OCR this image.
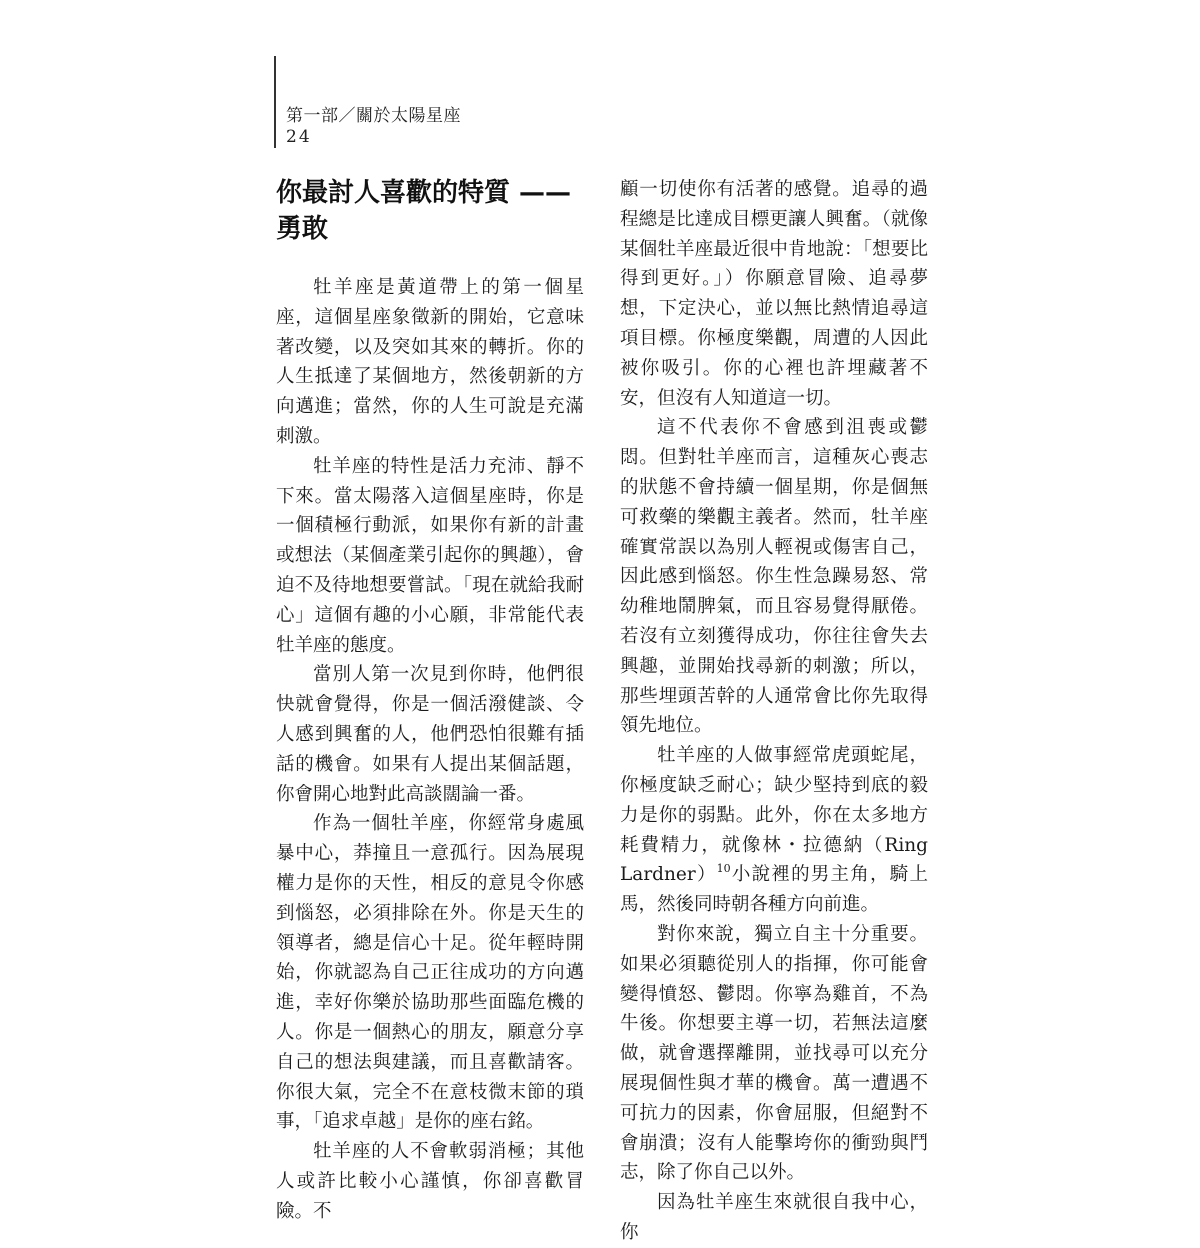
第一部／關於太陽星座
24
你最討人喜歡的特質 ——
勇敢

牡羊座是黃道帶上的第一個星座，這個星座象徵新的開始，它意味著改變，以及突如其來的轉折。你的人生抵達了某個地方，然後朝新的方向邁進；當然，你的人生可說是充滿刺激。

牡羊座的特性是活力充沛、靜不下來。當太陽落入這個星座時，你是一個積極行動派，如果你有新的計畫或想法（某個產業引起你的興趣），會迫不及待地想要嘗試。「現在就給我耐心」這個有趣的小心願，非常能代表牡羊座的態度。

當別人第一次見到你時，他們很快就會覺得，你是一個活潑健談、令人感到興奮的人，他們恐怕很難有插話的機會。如果有人提出某個話題，你會開心地對此高談闊論一番。

作為一個牡羊座，你經常身處風暴中心，莽撞且一意孤行。因為展現權力是你的天性，相反的意見令你感到惱怒，必須排除在外。你是天生的領導者，總是信心十足。從年輕時開始，你就認為自己正往成功的方向邁進，幸好你樂於協助那些面臨危機的人。你是一個熱心的朋友，願意分享自己的想法與建議，而且喜歡請客。你很大氣，完全不在意枝微末節的瑣事，「追求卓越」是你的座右銘。

牡羊座的人不會軟弱消極；其他人或許比較小心謹慎，你卻喜歡冒險。不

顧一切使你有活著的感覺。追尋的過程總是比達成目標更讓人興奮。（就像某個牡羊座最近很中肯地說：「想要比得到更好。」）你願意冒險、追尋夢想，下定決心，並以無比熱情追尋這項目標。你極度樂觀，周遭的人因此被你吸引。你的心裡也許埋藏著不安，但沒有人知道這一切。

這不代表你不會感到沮喪或鬱悶。但對牡羊座而言，這種灰心喪志的狀態不會持續一個星期，你是個無可救藥的樂觀主義者。然而，牡羊座確實常誤以為別人輕視或傷害自己，因此感到惱怒。你生性急躁易怒、常幼稚地鬧脾氣，而且容易覺得厭倦。若沒有立刻獲得成功，你往往會失去興趣，並開始找尋新的刺激；所以，那些埋頭苦幹的人通常會比你先取得領先地位。

牡羊座的人做事經常虎頭蛇尾，你極度缺乏耐心；缺少堅持到底的毅力是你的弱點。此外，你在太多地方耗費精力，就像林・拉德納（Ring Lardner）$^{10}$小說裡的男主角，騎上馬，然後同時朝各種方向前進。

對你來說，獨立自主十分重要。如果必須聽從別人的指揮，你可能會變得憤怒、鬱悶。你寧為雞首，不為牛後。你想要主導一切，若無法這麼做，就會選擇離開，並找尋可以充分展現個性與才華的機會。萬一遭遇不可抗力的因素，你會屈服，但絕對不會崩潰；沒有人能擊垮你的衝勁與鬥志，除了你自己以外。

因為牡羊座生來就很自我中心，你
